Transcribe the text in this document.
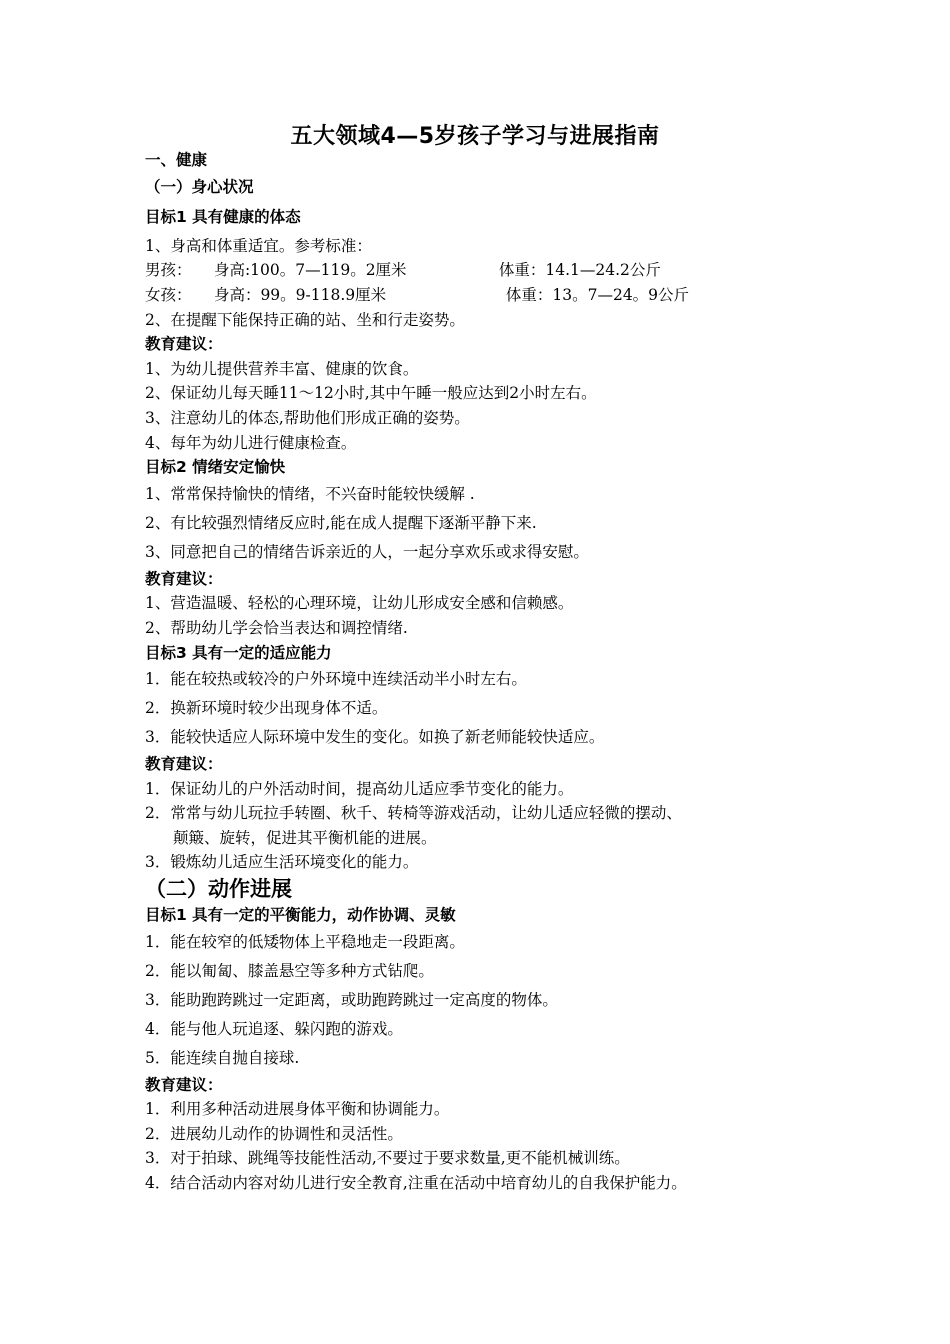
五大领域4—5岁孩子学习与进展指南
一、健康
（一）身心状况
目标1 具有健康的体态
1、身高和体重适宜。参考标准：
男孩： 身高:100。7—119。2厘米	体重：14.1—24.2公斤
女孩： 身高：99。9-118.9厘米	体重：13。7—24。9公斤
2、在提醒下能保持正确的站、坐和行走姿势。
教育建议：
1、为幼儿提供营养丰富、健康的饮食。
2、保证幼儿每天睡11～12小时,其中午睡一般应达到2小时左右。
3、注意幼儿的体态,帮助他们形成正确的姿势。
4、每年为幼儿进行健康检查。
目标2 情绪安定愉快
1、常常保持愉快的情绪，不兴奋时能较快缓解 .
2、有比较强烈情绪反应时,能在成人提醒下逐渐平静下来.
3、同意把自己的情绪告诉亲近的人，一起分享欢乐或求得安慰。
教育建议：
1、营造温暖、轻松的心理环境，让幼儿形成安全感和信赖感。
2、帮助幼儿学会恰当表达和调控情绪.
目标3 具有一定的适应能力
1．能在较热或较冷的户外环境中连续活动半小时左右。
2．换新环境时较少出现身体不适。
3．能较快适应人际环境中发生的变化。如换了新老师能较快适应。
教育建议：
1．保证幼儿的户外活动时间，提高幼儿适应季节变化的能力。
2．常常与幼儿玩拉手转圈、秋千、转椅等游戏活动，让幼儿适应轻微的摆动、
颠簸、旋转，促进其平衡机能的进展。
3．锻炼幼儿适应生活环境变化的能力。
（二）动作进展
目标1 具有一定的平衡能力，动作协调、灵敏
1．能在较窄的低矮物体上平稳地走一段距离。
2．能以匍匐、膝盖悬空等多种方式钻爬。
3．能助跑跨跳过一定距离，或助跑跨跳过一定高度的物体。
4．能与他人玩追逐、躲闪跑的游戏。
5．能连续自抛自接球.
教育建议：
1．利用多种活动进展身体平衡和协调能力。
2．进展幼儿动作的协调性和灵活性。
3．对于拍球、跳绳等技能性活动,不要过于要求数量,更不能机械训练。
4．结合活动内容对幼儿进行安全教育,注重在活动中培育幼儿的自我保护能力。
